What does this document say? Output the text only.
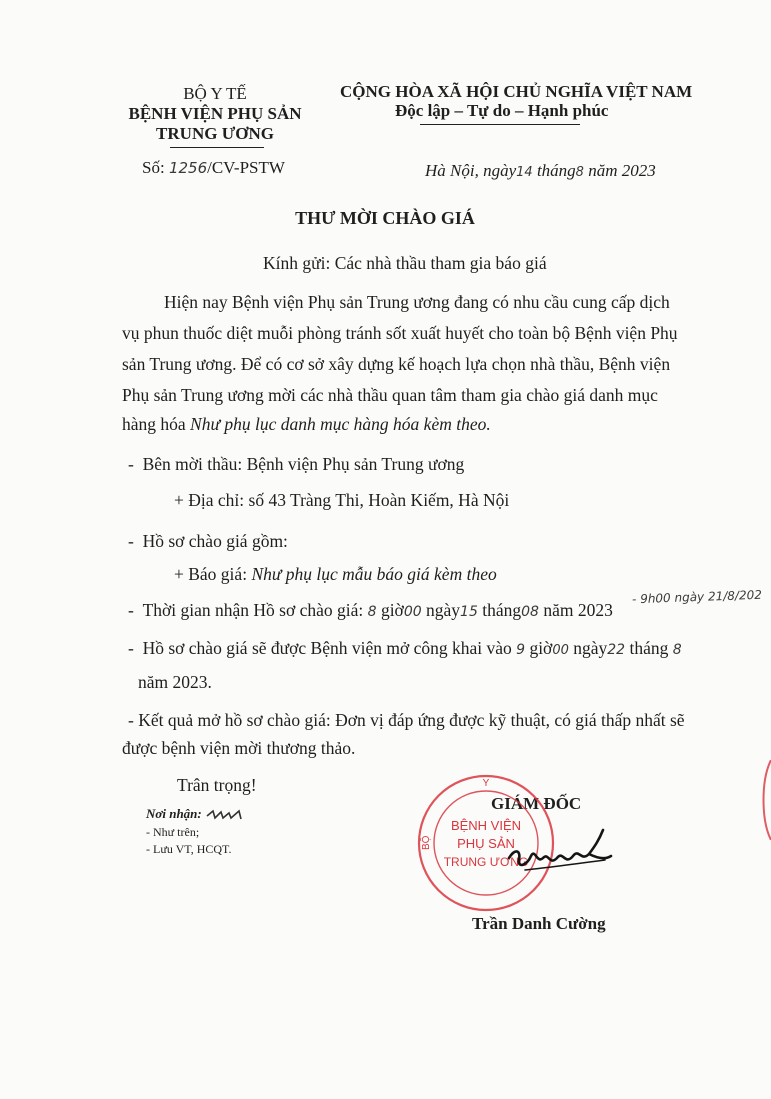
BỘ Y TẾ
BỆNH VIỆN PHỤ SẢN
TRUNG ƯƠNG
Số: 1256/CV-PSTW
CỘNG HÒA XÃ HỘI CHỦ NGHĨA VIỆT NAM
Độc lập – Tự do – Hạnh phúc
Hà Nội, ngày14 tháng8 năm 2023
THƯ MỜI CHÀO GIÁ
Kính gửi: Các nhà thầu tham gia báo giá
Hiện nay Bệnh viện Phụ sản Trung ương đang có nhu cầu cung cấp dịch
vụ phun thuốc diệt muỗi phòng tránh sốt xuất huyết cho toàn bộ Bệnh viện Phụ
sản Trung ương. Để có cơ sở xây dựng kế hoạch lựa chọn nhà thầu, Bệnh viện
Phụ sản Trung ương mời các nhà thầu quan tâm tham gia chào giá danh mục
hàng hóa Như phụ lục danh mục hàng hóa kèm theo.
-  Bên mời thầu: Bệnh viện Phụ sản Trung ương
+ Địa chỉ: số 43 Tràng Thi, Hoàn Kiếm, Hà Nội
-  Hồ sơ chào giá gồm:
+ Báo giá: Như phụ lục mẫu báo giá kèm theo
-  Thời gian nhận Hồ sơ chào giá: 8 giờ00 ngày15 tháng08 năm 2023
- 9h00 ngày 21/8/202
-  Hồ sơ chào giá sẽ được Bệnh viện mở công khai vào 9 giờ00 ngày22 tháng 8
năm 2023.
- Kết quả mở hồ sơ chào giá: Đơn vị đáp ứng được kỹ thuật, có giá thấp nhất sẽ
được bệnh viện mời thương thảo.
Trân trọng!
Nơi nhận:
- Như trên;
- Lưu VT, HCQT.
GIÁM ĐỐC
Y
BỘ
BỆNH VIỆN
PHỤ SẢN
TRUNG ƯƠNG
Trần Danh Cường
